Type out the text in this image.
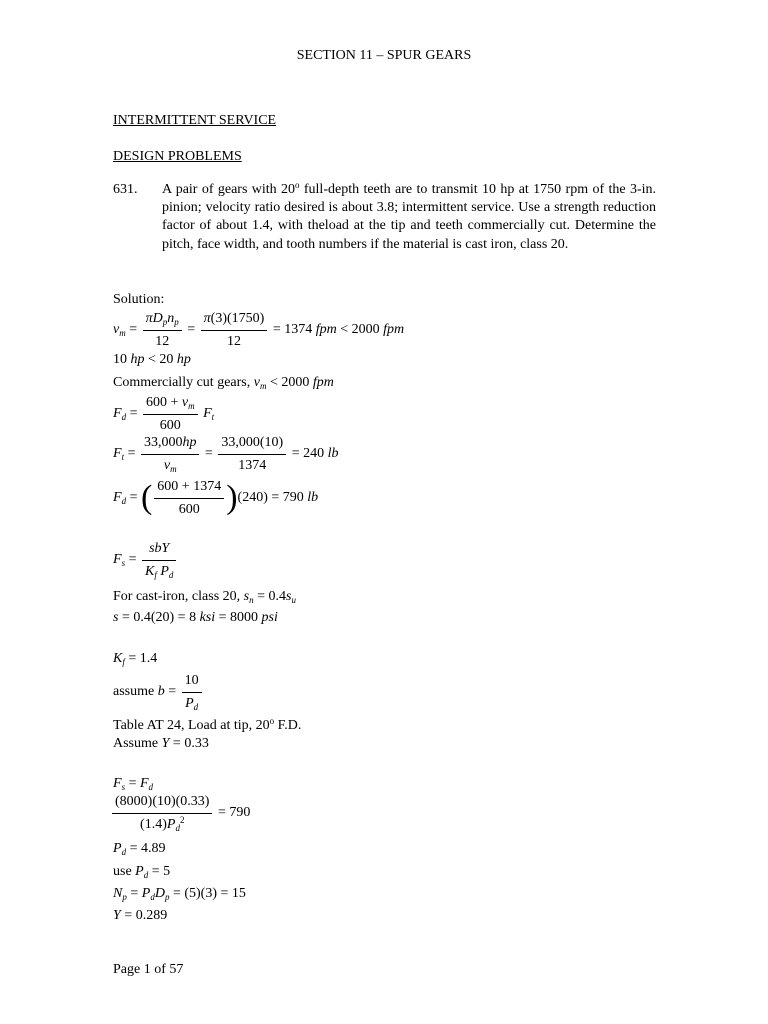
SECTION 11 – SPUR GEARS
INTERMITTENT SERVICE
DESIGN PROBLEMS
631. A pair of gears with 20$^o$ full-depth teeth are to transmit 10 hp at 1750 rpm of the 3-in. pinion; velocity ratio desired is about 3.8; intermittent service. Use a strength reduction factor of about 1.4, with theload at the tip and teeth commercially cut. Determine the pitch, face width, and tooth numbers if the material is cast iron, class 20.
Solution:
$v_m = \frac{\pi D_pn_p}{12} = \frac{\pi(3)(1750)}{12} = 1374$ fpm < 2000 fpm
10 hp < 20 hp
Commercially cut gears, $v_m < 2000$ fpm
$F_d = \frac{600 + v_m}{600} F_t$
$F_t = \frac{33,000hp}{v_m} = \frac{33,000(10)}{1374} = 240$ lb
$F_d$ = ( $\frac{600 + 1374}{600} )(240) = 790$ lb
$F_s = \frac{\text{sbY}}{K_f P_d}$
For cast-iron, class 20, $s_n = 0.4s_u$
s = 0.4(20) = 8 ksi = 8000 psi
$K_f = 1.4$
assume $b = \frac{10}{P_d}$
Table AT 24, Load at tip, 20$^o$ F.D.
Assume Y = 0.33
$F_s = F_d$
$\frac{(8000)(10)(0.33)}{(1.4)P_d^2} = 790$
$P_d = 4.89$
use $P_d = 5$
$N_p = P_dD_p = (5)(3) = 15$
Y = 0.289
Page 1 of 57
